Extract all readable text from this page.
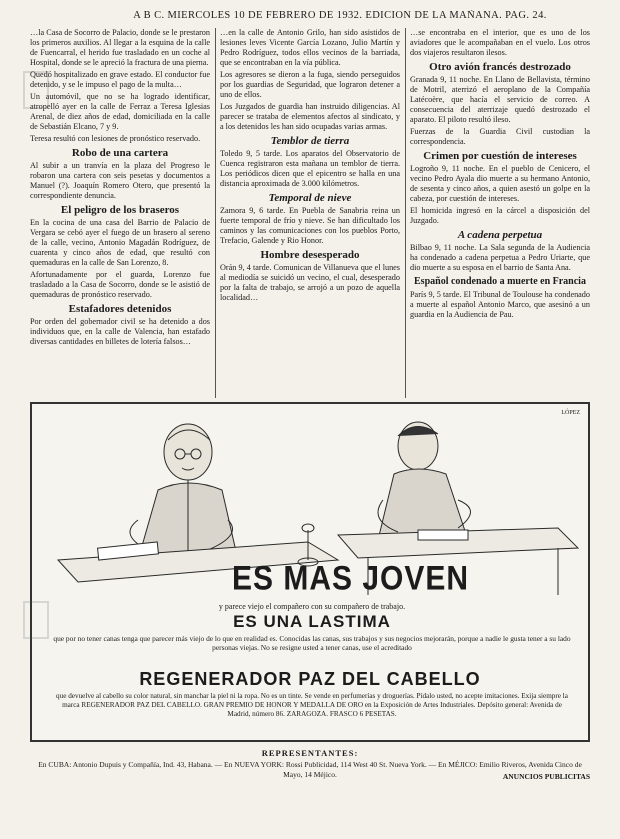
A B C. MIERCOLES 10 DE FEBRERO DE 1932. EDICION DE LA MAÑANA. PAG. 24.

…la Casa de Socorro de Palacio, donde se le prestaron los primeros auxilios. Al llegar a la esquina de la calle de Fuencarral, el herido fue trasladado en un coche al Hospital, donde se le apreció la fractura de una pierna.

Quedó hospitalizado en grave estado. El conductor fue detenido, y se le impuso el pago de la multa…

Un automóvil, que no se ha logrado identificar, atropelló ayer en la calle de Ferraz a Teresa Iglesias Arenal, de diez años de edad, domiciliada en la calle de Sebastián Elcano, 7 y 9.

Teresa resultó con lesiones de pronóstico reservado.

Robo de una cartera

Al subir a un tranvía en la plaza del Progreso le robaron una cartera con seis pesetas y documentos a Manuel (?). Joaquín Romero Otero, que presentó la correspondiente denuncia.

El peligro de los braseros

En la cocina de una casa del Barrio de Palacio de Vergara se cebó ayer el fuego de un brasero al sereno de la calle, vecino, Antonio Magadán Rodríguez, de cuarenta y cinco años de edad, que resultó con quemaduras en la calle de San Lorenzo, 8.

Afortunadamente por el guarda, Lorenzo fue trasladado a la Casa de Socorro, donde se le asistió de quemaduras de pronóstico reservado.

Estafadores detenidos

Por orden del gobernador civil se ha detenido a dos individuos que, en la calle de Valencia, han estafado diversas cantidades en billetes de lotería falsos…

…en la calle de Antonio Grilo, han sido asistidos de lesiones leves Vicente García Lozano, Julio Martín y Pedro Rodríguez, todos ellos vecinos de la barriada, que se encontraban en la vía pública.

Los agresores se dieron a la fuga, siendo perseguidos por los guardias de Seguridad, que lograron detener a uno de ellos.

Los Juzgados de guardia han instruido diligencias. Al parecer se trataba de elementos afectos al sindicato, y a los detenidos les han sido ocupadas varias armas.

Temblor de tierra

Toledo 9, 5 tarde. Los aparatos del Observatorio de Cuenca registraron esta mañana un temblor de tierra. Los periódicos dicen que el epicentro se halla en una distancia aproximada de 3.000 kilómetros.

Temporal de nieve

Zamora 9, 6 tarde. En Puebla de Sanabria reina un fuerte temporal de frío y nieve. Se han dificultado los caminos y las comunicaciones con los pueblos Porto, Trefacio, Galende y Rio Honor.

Hombre desesperado

Orán 9, 4 tarde. Comunican de Villanueva que el lunes al mediodía se suicidó un vecino, el cual, desesperado por la falta de trabajo, se arrojó a un pozo de aquella localidad…

…se encontraba en el interior, que es uno de los aviadores que le acompañaban en el vuelo. Los otros dos viajeros resultaron ilesos.

Otro avión francés destrozado

Granada 9, 11 noche. En Llano de Bellavista, término de Motril, aterrizó el aeroplano de la Compañía Latécoère, que hacía el servicio de correo. A consecuencia del aterrizaje quedó destrozado el aparato. El piloto resultó ileso.

Fuerzas de la Guardia Civil custodian la correspondencia.

Crimen por cuestión de intereses

Logroño 9, 11 noche. En el pueblo de Cenicero, el vecino Pedro Ayala dio muerte a su hermano Antonio, de sesenta y cinco años, a quien asestó un golpe en la cabeza, por cuestión de intereses.

El homicida ingresó en la cárcel a disposición del Juzgado.

A cadena perpetua

Bilbao 9, 11 noche. La Sala segunda de la Audiencia ha condenado a cadena perpetua a Pedro Uriarte, que dio muerte a su esposa en el barrio de Santa Ana.

Español condenado a muerte en Francia

París 9, 5 tarde. El Tribunal de Toulouse ha condenado a muerte al español Antonio Marco, que asesinó a un guardia en la Audiencia de Pau.

LÓPEZ
ES MAS JOVEN
y parece viejo el compañero con su compañero de trabajo.
ES UNA LASTIMA
que por no tener canas tenga que parecer más viejo de lo que en realidad es. Conocidas las canas, sus trabajos y sus negocios mejorarán, porque a nadie le gusta tener a su lado personas viejas. No se resigne usted a tener canas, use el acreditado
REGENERADOR PAZ DEL CABELLO
que devuelve al cabello su color natural, sin manchar la piel ni la ropa. No es un tinte. Se vende en perfumerías y droguerías. Pídalo usted, no acepte imitaciones. Exija siempre la marca REGENERADOR PAZ DEL CABELLO. GRAN PREMIO DE HONOR Y MEDALLA DE ORO en la Exposición de Artes Industriales. Depósito general: Avenida de Madrid, número 86. ZARAGOZA. FRASCO 6 PESETAS.
REPRESENTANTES:
En CUBA: Antonio Dupuis y Compañía, Ind. 43, Habana. — En NUEVA YORK: Rossi Publicidad, 114 West 40 St. Nueva York. — En MÉJICO: Emilio Riveros, Avenida Cinco de Mayo, 14 Méjico.	ANUNCIOS PUBLICITAS
